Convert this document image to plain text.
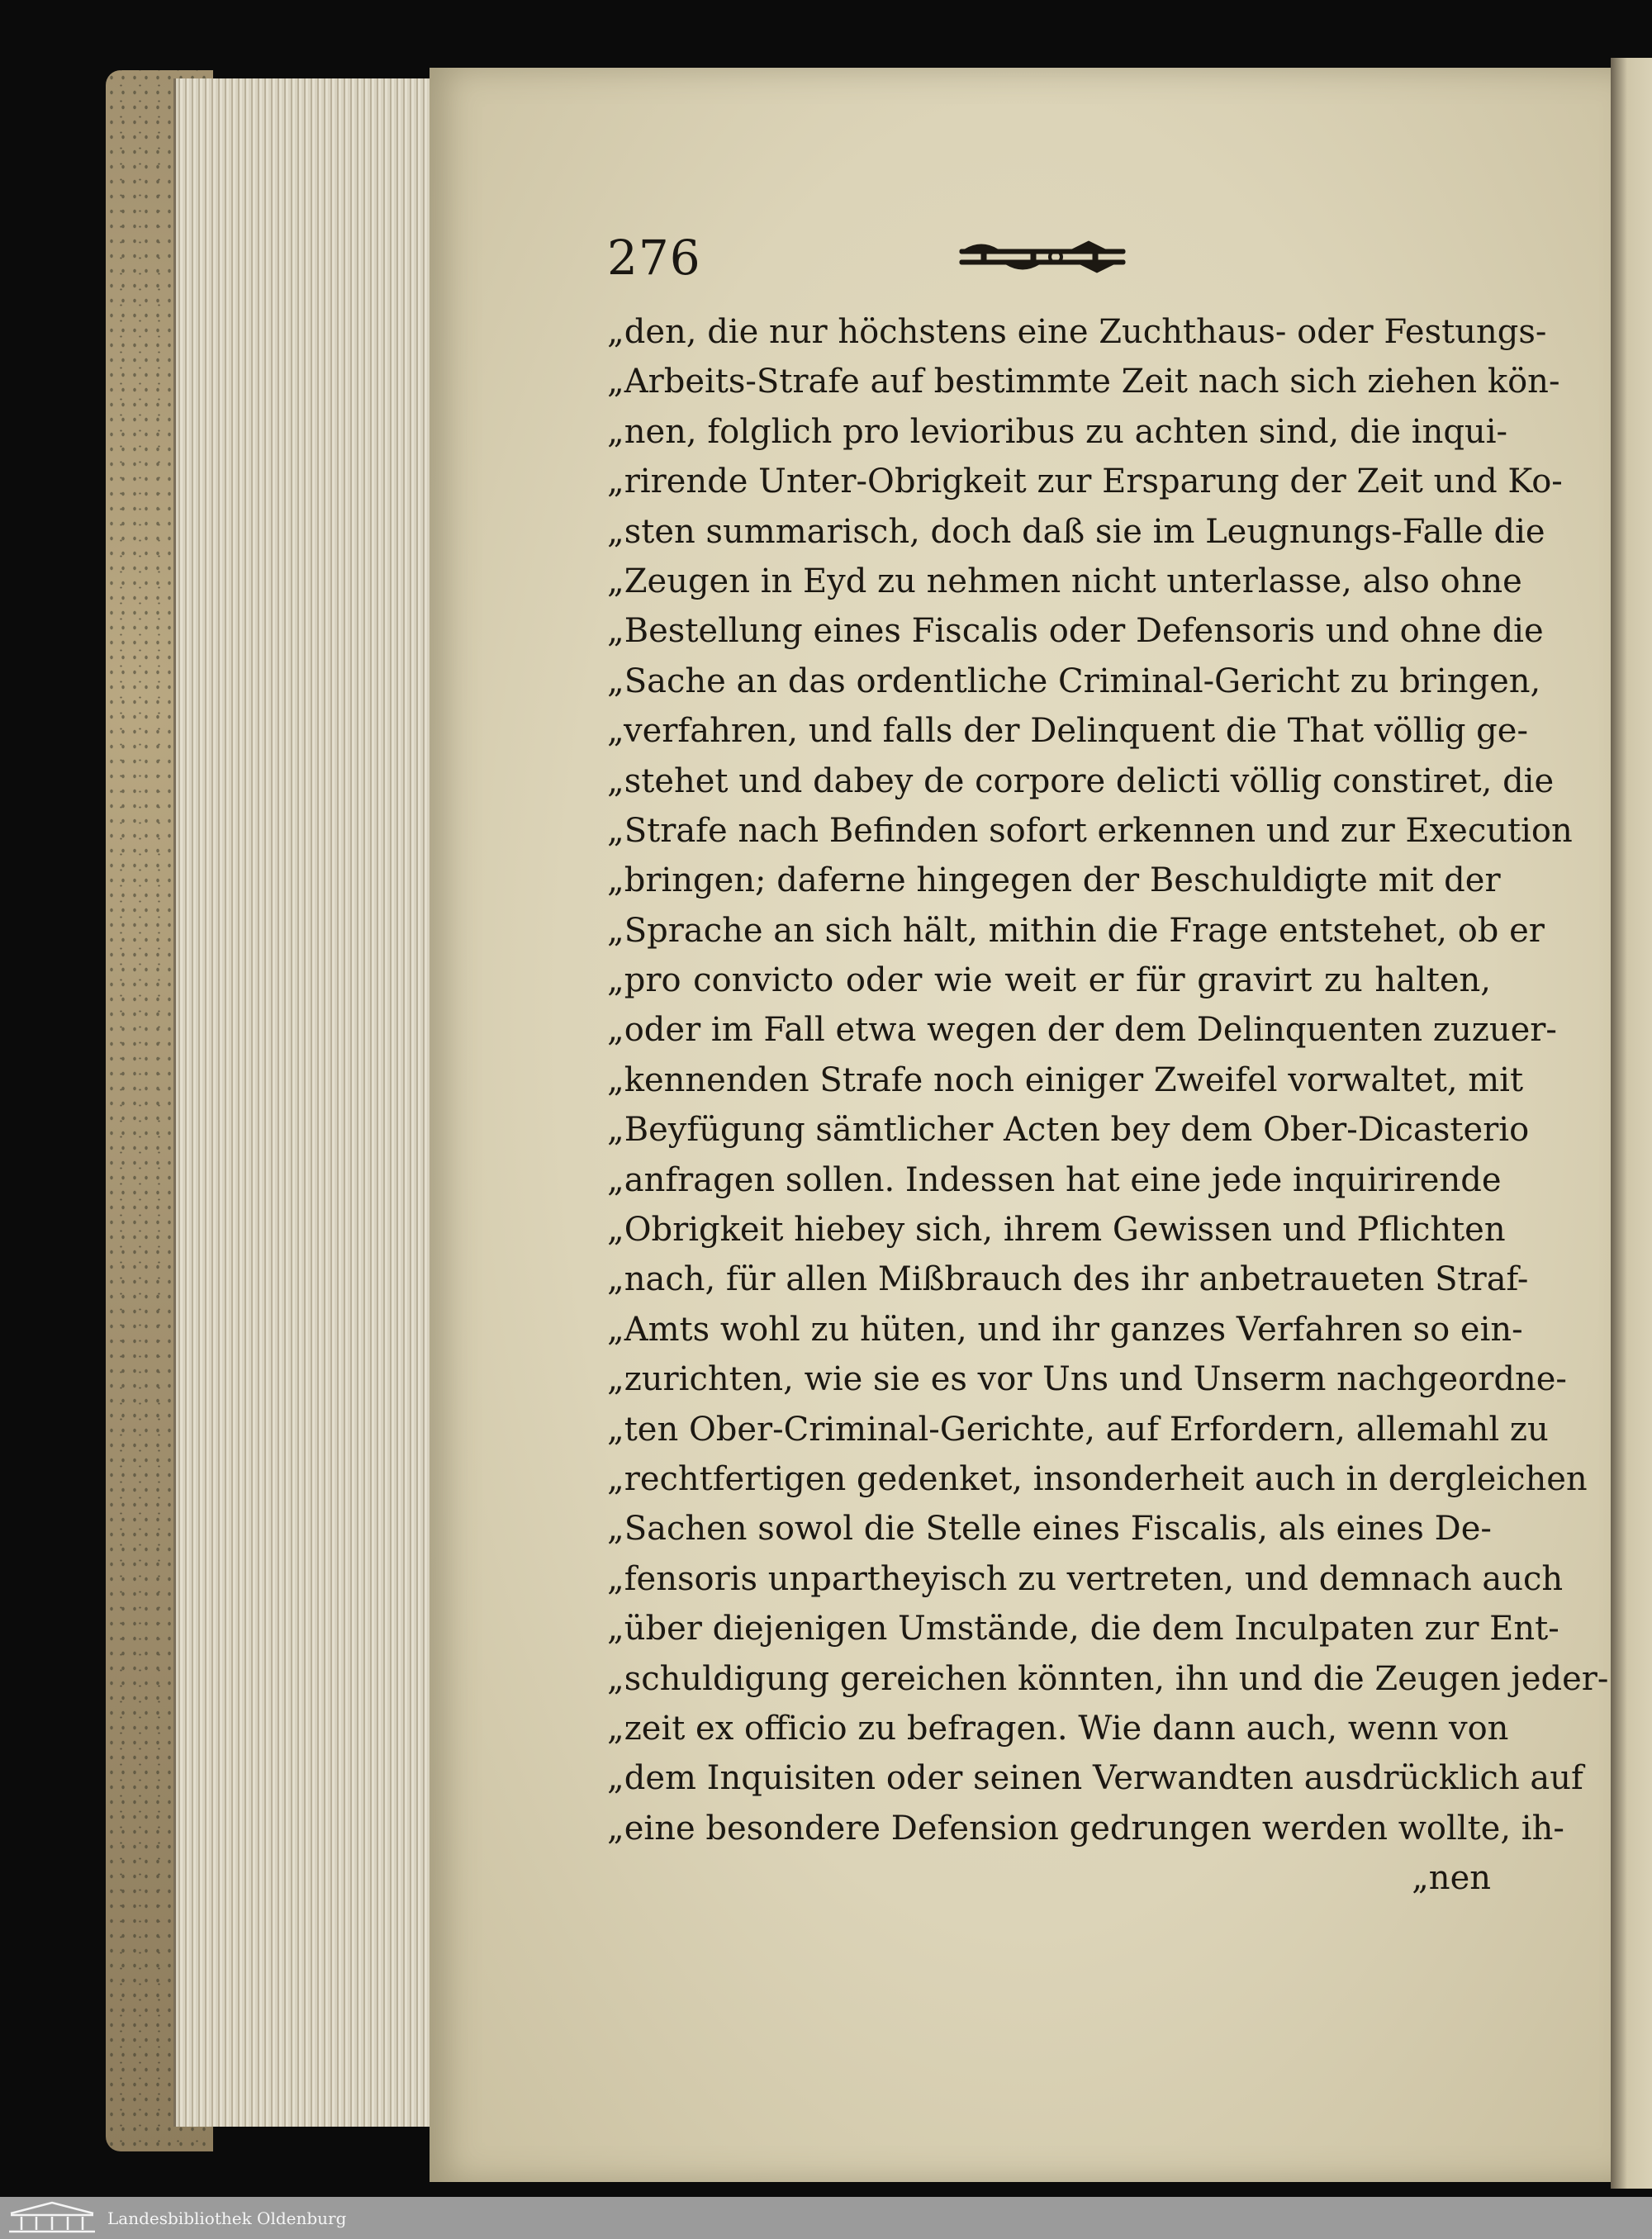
276
„den, die nur höchstens eine Zuchthaus- oder Festungs-
„Arbeits-Strafe auf bestimmte Zeit nach sich ziehen kön-
„nen, folglich pro levioribus zu achten sind, die inqui-
„rirende Unter-Obrigkeit zur Ersparung der Zeit und Ko-
„sten summarisch, doch daß sie im Leugnungs-Falle die
„Zeugen in Eyd zu nehmen nicht unterlasse, also ohne
„Bestellung eines Fiscalis oder Defensoris und ohne die
„Sache an das ordentliche Criminal-Gericht zu bringen,
„verfahren, und falls der Delinquent die That völlig ge-
„stehet und dabey de corpore delicti völlig constiret, die
„Strafe nach Befinden sofort erkennen und zur Execution
„bringen; daferne hingegen der Beschuldigte mit der
„Sprache an sich hält, mithin die Frage entstehet, ob er
„pro convicto oder wie weit er für gravirt zu halten,
„oder im Fall etwa wegen der dem Delinquenten zuzuer-
„kennenden Strafe noch einiger Zweifel vorwaltet, mit
„Beyfügung sämtlicher Acten bey dem Ober-Dicasterio
„anfragen sollen. Indessen hat eine jede inquirirende
„Obrigkeit hiebey sich, ihrem Gewissen und Pflichten
„nach, für allen Mißbrauch des ihr anbetraueten Straf-
„Amts wohl zu hüten, und ihr ganzes Verfahren so ein-
„zurichten, wie sie es vor Uns und Unserm nachgeordne-
„ten Ober-Criminal-Gerichte, auf Erfordern, allemahl zu
„rechtfertigen gedenket, insonderheit auch in dergleichen
„Sachen sowol die Stelle eines Fiscalis, als eines De-
„fensoris unpartheyisch zu vertreten, und demnach auch
„über diejenigen Umstände, die dem Inculpaten zur Ent-
„schuldigung gereichen könnten, ihn und die Zeugen jeder-
„zeit ex officio zu befragen. Wie dann auch, wenn von
„dem Inquisiten oder seinen Verwandten ausdrücklich auf
„eine besondere Defension gedrungen werden wollte, ih-
„nen
Landesbibliothek Oldenburg
